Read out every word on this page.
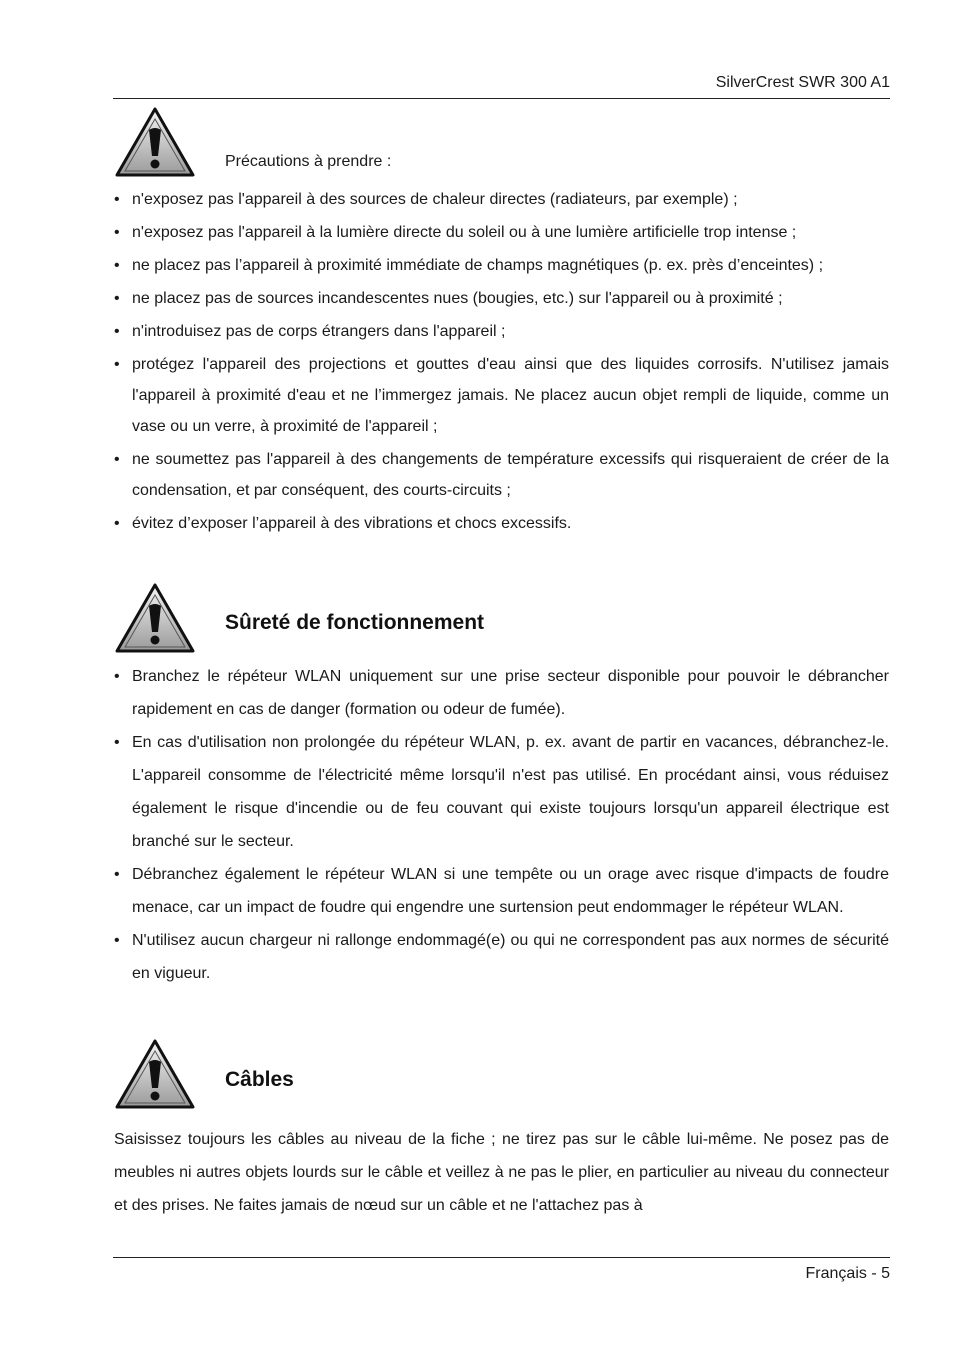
SilverCrest SWR 300 A1
Précautions à prendre :
• n'exposez pas l'appareil à des sources de chaleur directes (radiateurs, par exemple) ;
• n'exposez pas l'appareil à la lumière directe du soleil ou à une lumière artificielle trop intense ;
• ne placez pas l’appareil à proximité immédiate de champs magnétiques (p. ex. près d’enceintes) ;
• ne placez pas de sources incandescentes nues (bougies, etc.) sur l'appareil ou à proximité ;
• n'introduisez pas de corps étrangers dans l'appareil ;
• protégez l'appareil des projections et gouttes d'eau ainsi que des liquides corrosifs. N'utilisez jamais l'appareil à proximité d'eau et ne l’immergez jamais. Ne placez aucun objet rempli de liquide, comme un vase ou un verre, à proximité de l'appareil ;
• ne soumettez pas l'appareil à des changements de température excessifs qui risqueraient de créer de la condensation, et par conséquent, des courts-circuits ;
• évitez d’exposer l’appareil à des vibrations et chocs excessifs.
Sûreté de fonctionnement
• Branchez le répéteur WLAN uniquement sur une prise secteur disponible pour pouvoir le débrancher rapidement en cas de danger (formation ou odeur de fumée).
• En cas d'utilisation non prolongée du répéteur WLAN, p. ex. avant de partir en vacances, débranchez-le. L'appareil consomme de l'électricité même lorsqu'il n'est pas utilisé. En procédant ainsi, vous réduisez également le risque d'incendie ou de feu couvant qui existe toujours lorsqu'un appareil électrique est branché sur le secteur.
• Débranchez également le répéteur WLAN si une tempête ou un orage avec risque d'impacts de foudre menace, car un impact de foudre qui engendre une surtension peut endommager le répéteur WLAN.
• N'utilisez aucun chargeur ni rallonge endommagé(e) ou qui ne correspondent pas aux normes de sécurité en vigueur.
Câbles

Saisissez toujours les câbles au niveau de la fiche ; ne tirez pas sur le câble lui-même. Ne posez pas de meubles ni autres objets lourds sur le câble et veillez à ne pas le plier, en particulier au niveau du connecteur et des prises. Ne faites jamais de nœud sur un câble et ne l'attachez pas à

Français - 5
